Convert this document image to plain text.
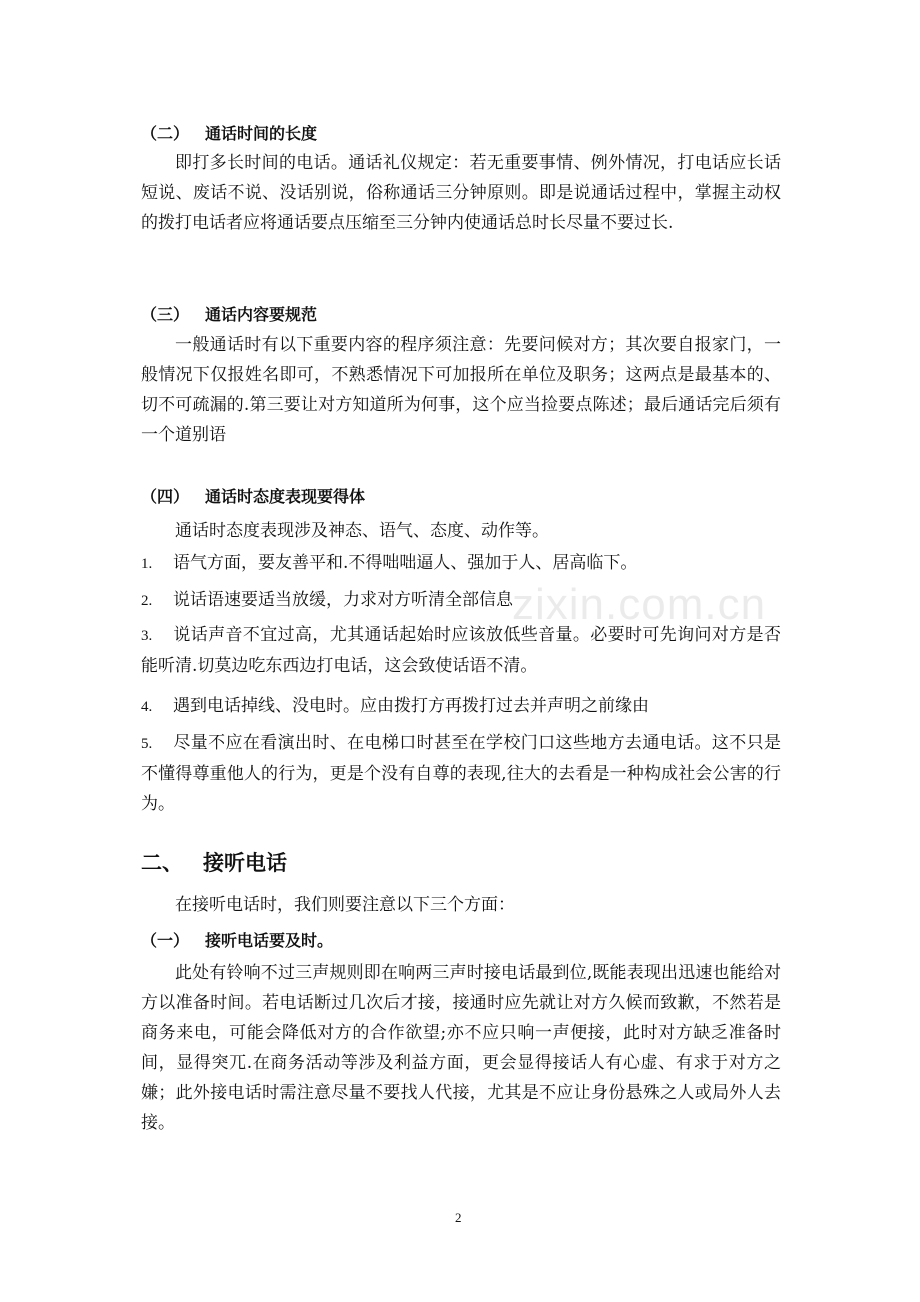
zixin.com.cn
（二） 通话时间的长度

即打多长时间的电话。通话礼仪规定：若无重要事情、例外情况，打电话应长话短说、废话不说、没话别说，俗称通话三分钟原则。即是说通话过程中，掌握主动权的拨打电话者应将通话要点压缩至三分钟内使通话总时长尽量不要过长.

（三） 通话内容要规范

一般通话时有以下重要内容的程序须注意：先要问候对方；其次要自报家门，一般情况下仅报姓名即可，不熟悉情况下可加报所在单位及职务；这两点是最基本的、切不可疏漏的.第三要让对方知道所为何事，这个应当捡要点陈述；最后通话完后须有一个道别语

（四） 通话时态度表现要得体
通话时态度表现涉及神态、语气、态度、动作等。

1. 语气方面，要友善平和.不得咄咄逼人、强加于人、居高临下。

2. 说话语速要适当放缓，力求对方听清全部信息

3. 说话声音不宜过高，尤其通话起始时应该放低些音量。必要时可先询问对方是否能听清.切莫边吃东西边打电话，这会致使话语不清。

4. 遇到电话掉线、没电时。应由拨打方再拨打过去并声明之前缘由

5. 尽量不应在看演出时、在电梯口时甚至在学校门口这些地方去通电话。这不只是不懂得尊重他人的行为，更是个没有自尊的表现,往大的去看是一种构成社会公害的行为。

二、 接听电话
在接听电话时，我们则要注意以下三个方面：
（一） 接听电话要及时。

此处有铃响不过三声规则即在响两三声时接电话最到位,既能表现出迅速也能给对方以准备时间。若电话断过几次后才接，接通时应先就让对方久候而致歉，不然若是商务来电，可能会降低对方的合作欲望;亦不应只响一声便接，此时对方缺乏准备时间，显得突兀.在商务活动等涉及利益方面，更会显得接话人有心虚、有求于对方之嫌；此外接电话时需注意尽量不要找人代接，尤其是不应让身份悬殊之人或局外人去接。

2
